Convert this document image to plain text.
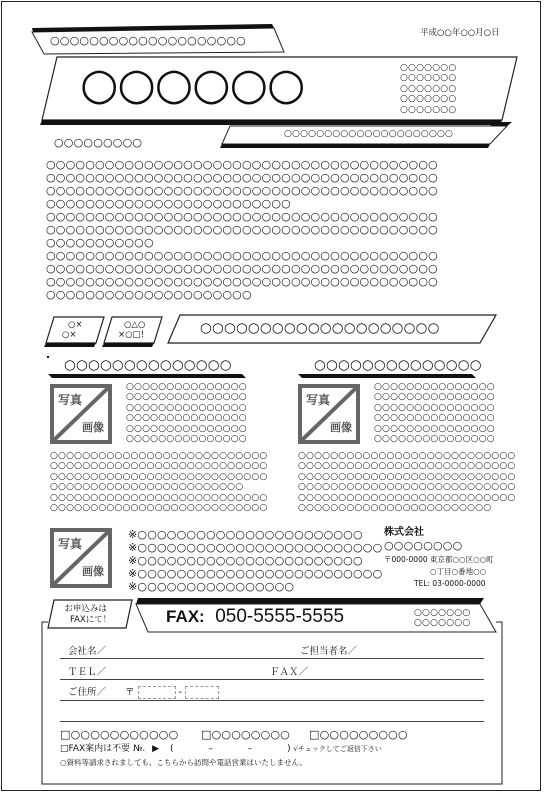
平成○○年○○月○日
○○○○○○○○○○○○○○○○○○○○
○○○○○○	○○○○○○○
○○○○○○○
○○○○○○○
○○○○○○○
○○○○○○○
○○○○○○○○○○○○○○○○○○○○○
○○○○○○○○○
○○○○○○○○○○○○○○○○○○○○○○○○○○○○○○○○○○○○○○○○
○○○○○○○○○○○○○○○○○○○○○○○○○○○○○○○○○○○○○○○○
○○○○○○○○○○○○○○○○○○○○○○○○○○○○○○○○○○○○○○○○
○○○○○○○○○○○○○○○○○○○○○○○○○
○○○○○○○○○○○○○○○○○○○○○○○○○○○○○○○○○○○○○○○○
○○○○○○○○○○○○○○○○○○○○○○○○○○○○○○○○○○○○○○○○
○○○○○○○○○○○
○○○○○○○○○○○○○○○○○○○○○○○○○○○○○○○○○○○○○○○○
○○○○○○○○○○○○○○○○○○○○○○○○○○○○○○○○○○○○○○○○
○○○○○○○○○○○○○○○○○○○○○○○○○○○○○○○○○○○○○○○○
○○○○○○○○○○○○○○○○○○○○○
○×
○×
○△○
×○□!	○○○○○○○○○○○○○○○○○○○○
○○○○○○○○○○○○○○
写真
画像
○○○○○○○○○○○○○○○
○○○○○○○○○○○○○○○
○○○○○○○○○○○○○○○
○○○○○○○○○○○○○○○
○○○○○○○○○○○○○○○
○○○○○○○○○○○○○○○
○○○○○○○○○○○○○○○○○○○○○○○○○○○
○○○○○○○○○○○○○○○○○○○○○○○○○○○
○○○○○○○○○○○○○○○○○○○○○○○○○○○
○○○○○○○○○○○○○○○○○○○○○○○○
○○○○○○○○○○○○○○○○○○○○○○○○○○○
○○○○○○○○○○○○○○○○○○○○○○○○○○○
○○○○○○○○○○○○○○
写真
画像
○○○○○○○○○○○○○○○
○○○○○○○○○○○○○○○
○○○○○○○○○○○○○○○
○○○○○○○○○○○○○○○
○○○○○○○○○○○○○○○
○○○○○○○○○○○○○○○
○○○○○○○○○○○○○○○○○○○○○○○○○○○
○○○○○○○○○○○○○○○○○○○○○○○○○○○
○○○○○○○○○○○○○○○○○○○○○○○○○○○
○○○○○○○○○○○○○○○○○○○○○○○○○○○
○○○○○○○○○○○○○○○○○○○○○○○○○○○
○○○○○○○○○○○○○○○○○○○○○○○○
写真
画像
※○○○○○○○○○○○○○○○○○○○○○○○
※○○○○○○○○○○○○○○○○○○○○○○○○○
※○○○○○○○○○○○○○○○○○○○○○○○
※○○○○○○○○○○○○○○○○○○○○○○○○○
※○○○○○○○○○○○○○○○○
株式会社
○○○○○○○○
〒000-0000 東京都○○区○○町
○丁目○番地○○
TEL: 03-0000-0000
お申込みは
FAXにて！	FAX: 050-5555-5555	○○○○○○○
○○○○○○○
会社名／	ご担当者名／
ＴＥＬ／	ＦＡＸ／
ご住所／ 〒	-
□○○○○○○○○○○○ □○○○○○○○○ □○○○○○○○○○
□FAX案内は不要 №. ▶ (	–	–	) √チェックしてご返信下さい
○資料等請求されましても、こちらから訪問や電話営業はいたしません。
